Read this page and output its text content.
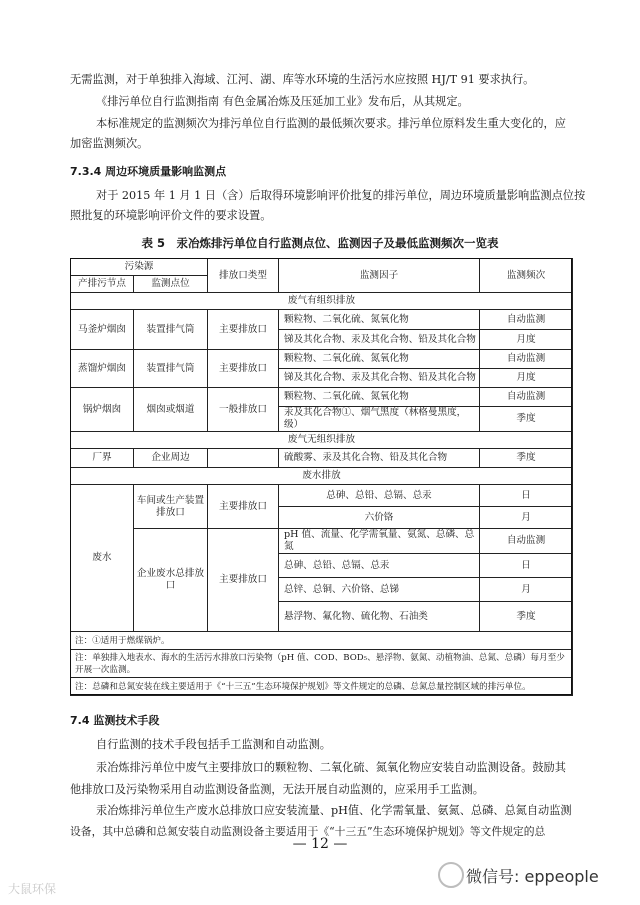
无需监测，对于单独排入海域、江河、湖、库等水环境的生活污水应按照 HJ/T 91 要求执行。
《排污单位自行监测指南 有色金属冶炼及压延加工业》发布后，从其规定。
本标准规定的监测频次为排污单位自行监测的最低频次要求。排污单位原料发生重大变化的，应
加密监测频次。
7.3.4 周边环境质量影响监测点
对于 2015 年 1 月 1 日（含）后取得环境影响评价批复的排污单位，周边环境质量影响监测点位按
照批复的环境影响评价文件的要求设置。
表 5　汞冶炼排污单位自行监测点位、监测因子及最低监测频次一览表
污染源		排放口类型	监测因子	监测频次
产排污节点	监测点位			
废气有组织排放				
马釜炉烟囱	装置排气筒	主要排放口	颗粒物、二氧化硫、氮氧化物	自动监测
			锑及其化合物、汞及其化合物、铅及其化合物	月度
蒸馏炉烟囱	装置排气筒	主要排放口	颗粒物、二氧化硫、氮氧化物	自动监测
			锑及其化合物、汞及其化合物、铅及其化合物	月度
锅炉烟囱	烟囱或烟道	一般排放口	颗粒物、二氧化硫、氮氧化物	自动监测
			汞及其化合物①、烟气黑度（林格曼黑度，级）	季度
废气无组织排放				
厂界	企业周边		硫酸雾、汞及其化合物、铅及其化合物	季度
废水排放				
废水	车间或生产装置排放口	主要排放口	总砷、总铅、总镉、总汞	日
			六价铬	月
	企业废水总排放口	主要排放口	pH 值、流量、化学需氧量、氨氮、总磷、总氮	自动监测
			总砷、总铅、总镉、总汞	日
			总锌、总铜、六价铬、总锑	月
			悬浮物、氟化物、硫化物、石油类	季度
注：①适用于燃煤锅炉。				
注：单独排入地表水、海水的生活污水排放口污染物（pH 值、COD、BOD₅、悬浮物、氨氮、动植物油、总氮、总磷）每月至少开展一次监测。				
注：总磷和总氮安装在线主要适用于《“十三五”生态环境保护规划》等文件规定的总磷、总氮总量控制区域的排污单位。				
7.4 监测技术手段
自行监测的技术手段包括手工监测和自动监测。
汞冶炼排污单位中废气主要排放口的颗粒物、二氧化硫、氮氧化物应安装自动监测设备。鼓励其
他排放口及污染物采用自动监测设备监测，无法开展自动监测的，应采用手工监测。
汞冶炼排污单位生产废水总排放口应安装流量、pH值、化学需氧量、氨氮、总磷、总氮自动监测
设备，其中总磷和总氮安装自动监测设备主要适用于《“十三五”生态环境保护规划》等文件规定的总
— 12 —
大鼠环保
微信号: eppeople
